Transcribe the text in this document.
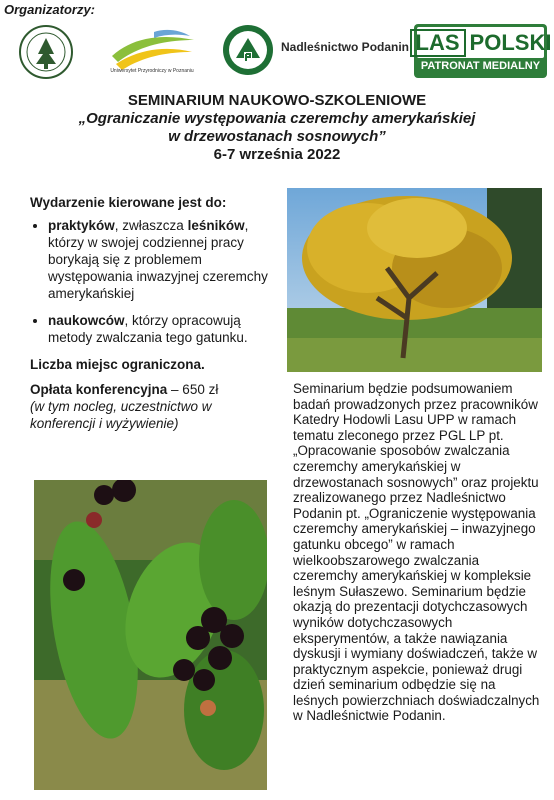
Organizatorzy:
Uniwersytet Przyrodniczy w Poznaniu
Nadleśnictwo Podanin LAS POLSKI
PATRONAT MEDIALNY
SEMINARIUM NAUKOWO-SZKOLENIOWE
„Ograniczanie występowania czeremchy amerykańskiej
w drzewostanach sosnowych”
6-7 września 2022
Wydarzenie kierowane jest do:
• praktyków, zwłaszcza leśników, którzy w swojej codziennej pracy borykają się z problemem występowania inwazyjnej czeremchy amerykańskiej
• naukowców, którzy opracowują metody zwalczania tego gatunku.
Liczba miejsc ograniczona.
Opłata konferencyjna – 650 zł
(w tym nocleg, uczestnictwo w konferencji i wyżywienie)
Seminarium będzie podsumowaniem badań prowadzonych przez pracowników Katedry Hodowli Lasu UPP w ramach tematu zleconego przez PGL LP pt. „Opracowanie sposobów zwalczania czeremchy amerykańskiej w drzewostanach sosnowych” oraz projektu zrealizowanego przez Nadleśnictwo Podanin pt. „Ograniczenie występowania czeremchy amerykańskiej – inwazyjnego gatunku obcego” w ramach wielkoobszarowego zwalczania czeremchy amerykańskiej w kompleksie leśnym Sułaszewo. Seminarium będzie okazją do prezentacji dotychczasowych wyników dotychczasowych eksperymentów, a także nawiązania dyskusji i wymiany doświadczeń, także w praktycznym aspekcie, ponieważ drugi dzień seminarium odbędzie się na leśnych powierzchniach doświadczalnych w Nadleśnictwie Podanin.
